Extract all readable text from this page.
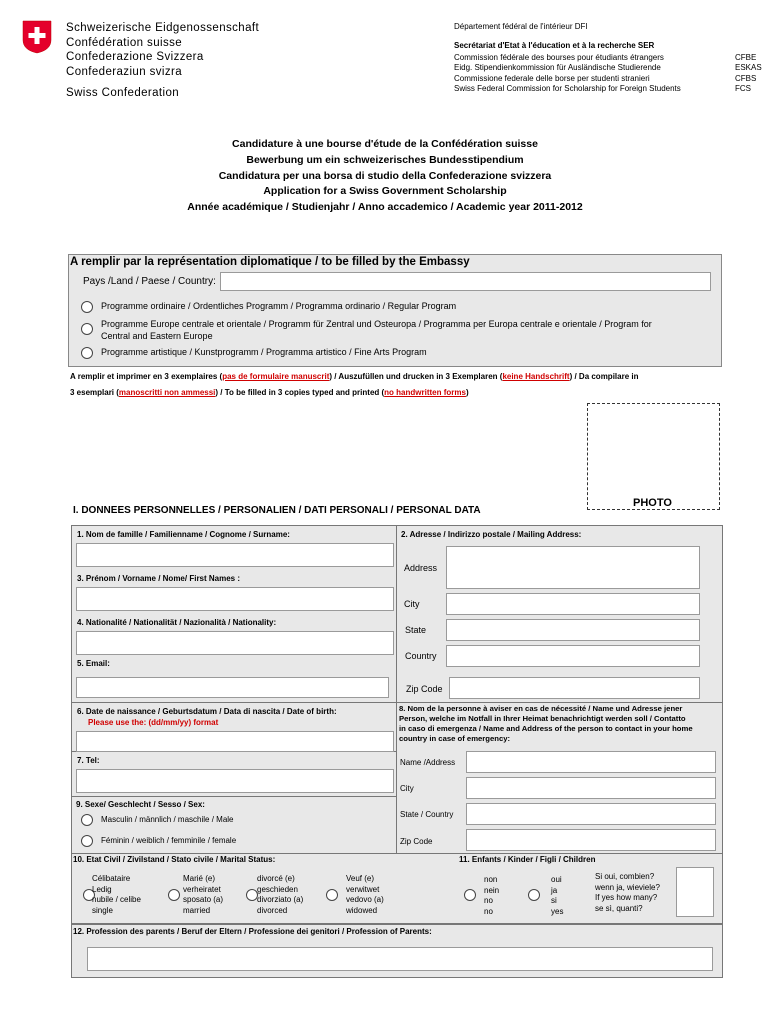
Schweizerische Eidgenossenschaft
Confédération suisse
Confederazione Svizzera
Confederaziun svizra
Swiss Confederation
Département fédéral de l'intérieur DFI
Secrétariat d'Etat à l'éducation et à la recherche SER
Commission fédérale des bourses pour étudiants étrangers	CFBE
Eidg. Stipendienkommission für Ausländische Studierende	ESKAS
Commissione federale delle borse per studenti stranieri	CFBS
Swiss Federal Commission for Scholarship for Foreign Students	FCS
Candidature à une bourse d'étude de la Confédération suisse
Bewerbung um ein schweizerisches Bundesstipendium
Candidatura per una borsa di studio della Confederazione svizzera
Application for a Swiss Government Scholarship
Année académique / Studienjahr / Anno accademico / Academic year 2011-2012
A remplir par la représentation diplomatique / to be filled by the Embassy
Pays /Land / Paese / Country:
Programme ordinaire / Ordentliches Programm / Programma ordinario / Regular Program
Programme Europe centrale et orientale / Programm für Zentral und Osteuropa / Programma per Europa centrale e orientale / Program for
Central and Eastern Europe
Programme artistique / Kunstprogramm / Programma artistico / Fine Arts Program
A remplir et imprimer en 3 exemplaires (pas de formulaire manuscrit) / Auszufüllen und drucken in 3 Exemplaren (keine Handschrift) / Da compilare in
3 esemplari (manoscritti non ammessi) / To be filled in 3 copies typed and printed (no handwritten forms)
PHOTO
I. DONNEES PERSONNELLES / PERSONALIEN / DATI PERSONALI / PERSONAL DATA
1. Nom de famille / Familienname / Cognome / Surname:
3. Prénom / Vorname / Nome/ First Names :
4. Nationalité / Nationalität / Nazionalità / Nationality:
5. Email:
6. Date de naissance / Geburtsdatum / Data di nascita / Date of birth:
Please use the: (dd/mm/yy) format
7. Tel:
9. Sexe/ Geschlecht / Sesso / Sex:
Masculin / männlich / maschile / Male
Féminin / weiblich / femminile / female
2. Adresse / Indirizzo postale / Mailing Address:
Address
City
State
Country
Zip Code
8. Nom de la personne à aviser en cas de nécessité / Name und Adresse jener
Person, welche im Notfall in Ihrer Heimat benachrichtigt werden soll / Contatto
in caso di emergenza / Name and Address of the person to contact in your home
country in case of emergency:
Name /Address
City
State / Country
Zip Code
10. Etat Civil / Zivilstand / Stato civile / Marital Status:	11. Enfants / Kinder / Figli / Children
Célibataire
Ledig
nubile / celibe
single
Marié (e)
verheiratet
sposato (a)
married
divorcé (e)
geschieden
divorziato (a)
divorced
Veuf (e)
verwitwet
vedovo (a)
widowed
non
nein
no
no
oui
ja
si
yes
Si oui, combien?
wenn ja, wieviele?
If yes how many?
se sì, quanti?
12. Profession des parents / Beruf der Eltern / Professione dei genitori / Profession of Parents:
